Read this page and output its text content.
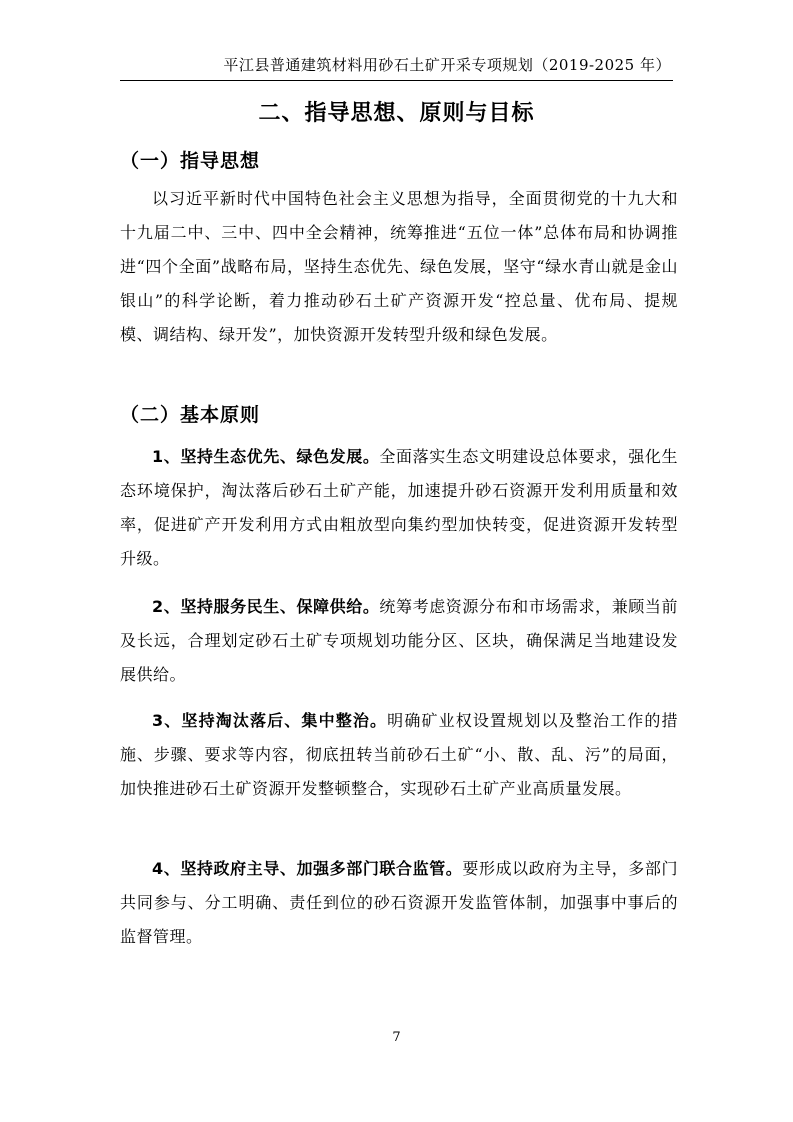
平江县普通建筑材料用砂石土矿开采专项规划（2019-2025 年）
二、指导思想、原则与目标
（一）指导思想

以习近平新时代中国特色社会主义思想为指导，全面贯彻党的十九大和十九届二中、三中、四中全会精神，统筹推进“五位一体”总体布局和协调推进“四个全面”战略布局，坚持生态优先、绿色发展，坚守“绿水青山就是金山银山”的科学论断，着力推动砂石土矿产资源开发“控总量、优布局、提规模、调结构、绿开发”，加快资源开发转型升级和绿色发展。

（二）基本原则

1、坚持生态优先、绿色发展。全面落实生态文明建设总体要求，强化生态环境保护，淘汰落后砂石土矿产能，加速提升砂石资源开发利用质量和效率，促进矿产开发利用方式由粗放型向集约型加快转变，促进资源开发转型升级。

2、坚持服务民生、保障供给。统筹考虑资源分布和市场需求，兼顾当前及长远，合理划定砂石土矿专项规划功能分区、区块，确保满足当地建设发展供给。

3、坚持淘汰落后、集中整治。明确矿业权设置规划以及整治工作的措施、步骤、要求等内容，彻底扭转当前砂石土矿“小、散、乱、污”的局面，加快推进砂石土矿资源开发整顿整合，实现砂石土矿产业高质量发展。

4、坚持政府主导、加强多部门联合监管。要形成以政府为主导，多部门共同参与、分工明确、责任到位的砂石资源开发监管体制，加强事中事后的监督管理。

7
